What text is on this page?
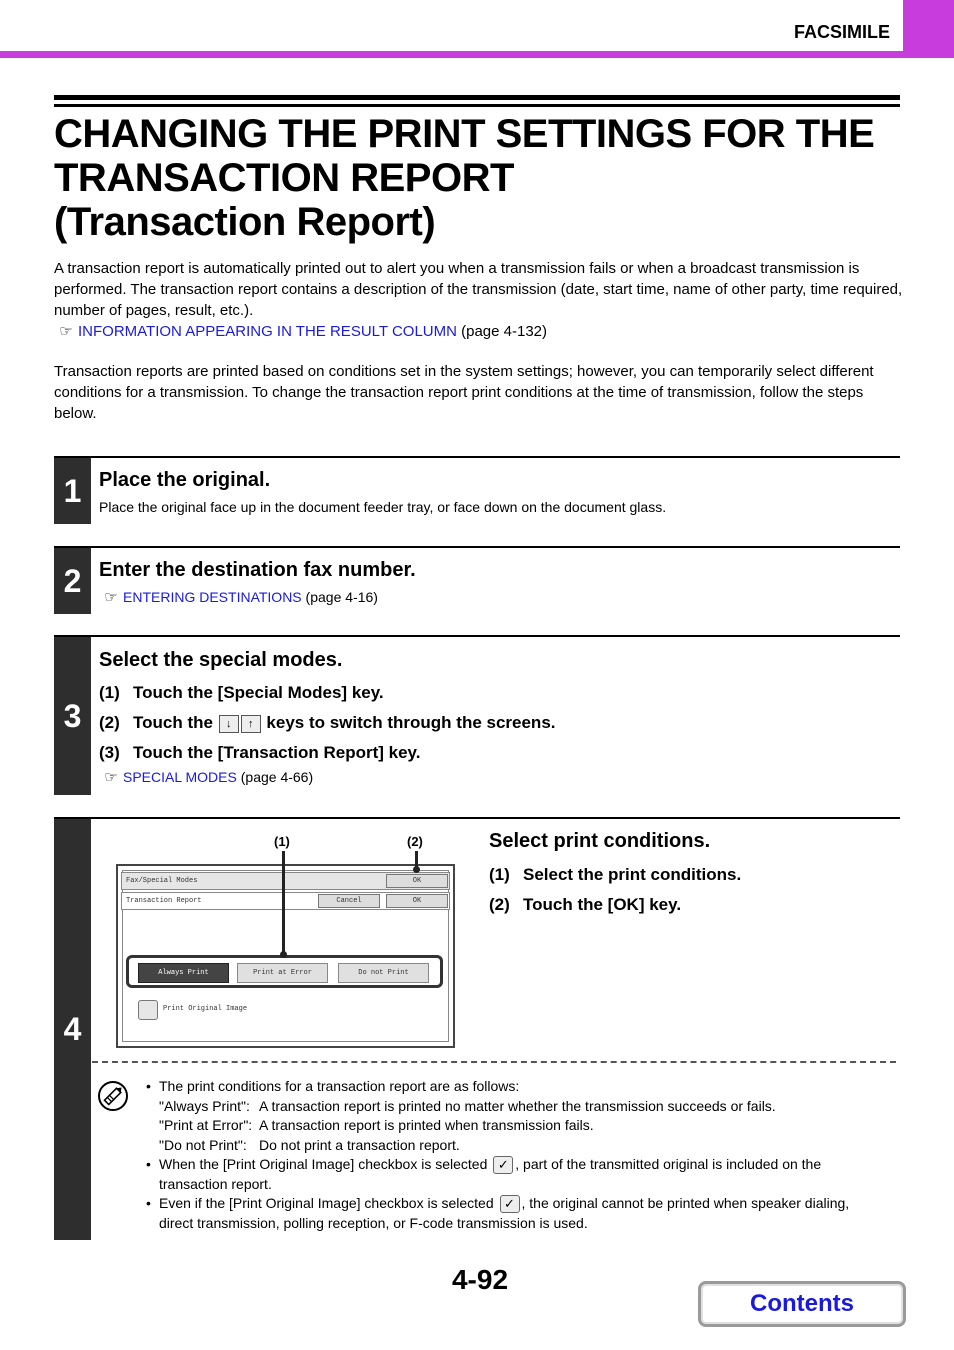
FACSIMILE
CHANGING THE PRINT SETTINGS FOR THE
TRANSACTION REPORT
(Transaction Report)
A transaction report is automatically printed out to alert you when a transmission fails or when a broadcast transmission is performed. The transaction report contains a description of the transmission (date, start time, name of other party, time required, number of pages, result, etc.).
☞ INFORMATION APPEARING IN THE RESULT COLUMN (page 4-132)
Transaction reports are printed based on conditions set in the system settings; however, you can temporarily select different conditions for a transmission. To change the transaction report print conditions at the time of transmission, follow the steps below.
1 Place the original.
Place the original face up in the document feeder tray, or face down on the document glass.
2 Enter the destination fax number.
☞ ENTERING DESTINATIONS (page 4-16)
3
Select the special modes.
(1) Touch the [Special Modes] key.
(2) Touch the ↓ ↑ keys to switch through the screens.
(3) Touch the [Transaction Report] key.
☞ SPECIAL MODES (page 4-66)
4
Select print conditions.
(1) Select the print conditions.
(2) Touch the [OK] key.
(1)	(2)
Fax/Special Modes	OK
Transaction Report	Cancel	OK
Always Print	Print at Error	Do not Print
Print Original Image
• The print conditions for a transaction report are as follows:
"Always Print": A transaction report is printed no matter whether the transmission succeeds or fails.
"Print at Error": A transaction report is printed when transmission fails.
"Do not Print": Do not print a transaction report.
• When the [Print Original Image] checkbox is selected ✓ , part of the transmitted original is included on the transaction report.
• Even if the [Print Original Image] checkbox is selected ✓ , the original cannot be printed when speaker dialing, direct transmission, polling reception, or F-code transmission is used.
4-92
Contents
